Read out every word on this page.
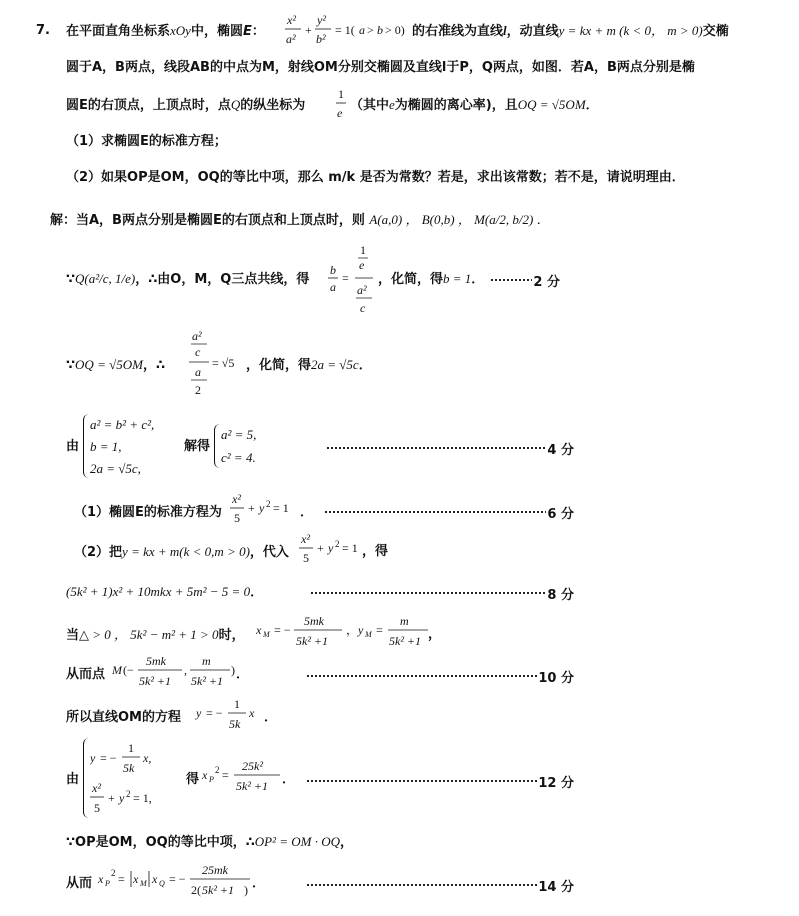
7. 在平面直角坐标系xOy中，椭圆E：
x²
a²
+
y²
b²
= 1( a > b > 0) 的右准线为直线l，动直线y = kx + m (k < 0， m > 0)交椭
圆于A，B两点，线段AB的中点为M，射线OM分别交椭圆及直线l于P，Q两点，如图．若A，B两点分别是椭
圆E的右顶点，上顶点时，点Q的纵坐标为
1
e （其中e为椭圆的离心率)，且OQ = √5OM．
（1）求椭圆E的标准方程；
（2）如果OP是OM，OQ的等比中项，那么 m/k 是否为常数？若是，求出该常数；若不是，请说明理由．
解：当A，B两点分别是椭圆E的右顶点和上顶点时，则 A(a,0) ， B(0,b) ， M(a/2, b/2) ．
∵Q(a²/c, 1/e)，∴由O，M，Q三点共线，得
b
a
=
1
e
a²
c
，化简，得b = 1．	2 分
∵OQ = √5OM，∴
a²
c
a
2
= √5 ，化简，得2a = √5c．
由
a² = b² + c²,
b = 1,
2a = √5c,
解得
a² = 5,
c² = 4.	4 分
（1）椭圆E的标准方程为
x²
5
+ y 2 = 1 ．	6 分
（2）把y = kx + m(k < 0,m > 0)，代入
x²
5
+ y 2 = 1 ，得
(5k² + 1)x² + 10mkx + 5m² − 5 = 0．	8 分
当△ > 0 ， 5k² − m² + 1 > 0时， x M = −
5mk
5k² +1
， y M =
m
5k² +1 ，
从而点 M (−
5mk
5k² +1
,
m
5k² +1
) ．	10 分
所以直线OM的方程 y = −
1
5k
x ．
由
y = −
1
5k
x,
x²
5
+ y 2 = 1,
得 x P
2 =
25k²
5k² +1 ．	12 分
∵OP是OM，OQ的等比中项，∴OP² = OM · OQ，
从而 x P
2 = x M x Q = −
25mk
2( 5k² +1 ) ．	14 分
